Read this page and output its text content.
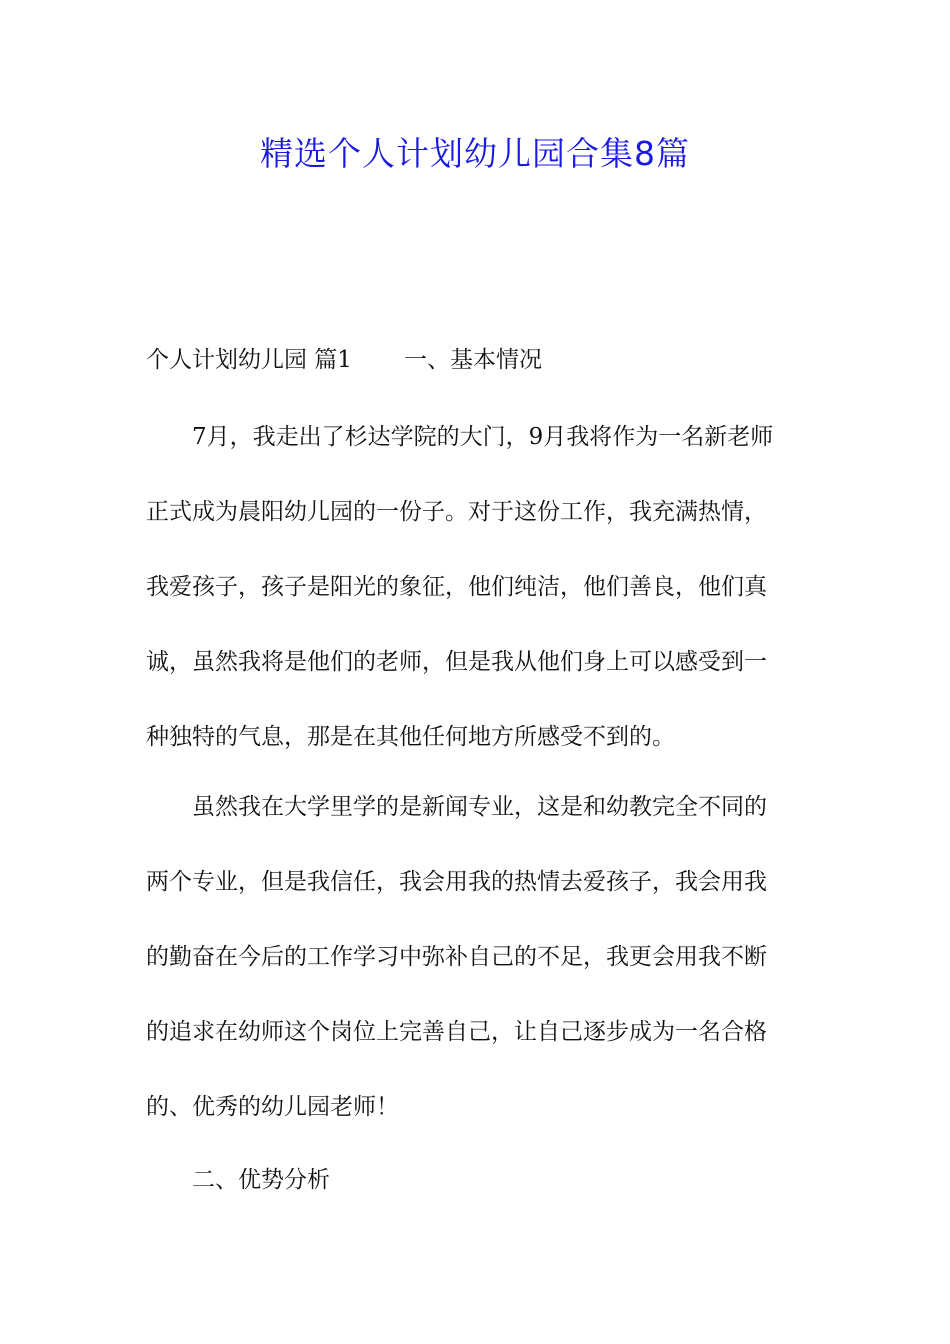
精选个人计划幼儿园合集8篇
个人计划幼儿园 篇1 一、基本情况
7月，我走出了杉达学院的大门，9月我将作为一名新老师
正式成为晨阳幼儿园的一份子。对于这份工作，我充满热情，
我爱孩子，孩子是阳光的象征，他们纯洁，他们善良，他们真
诚，虽然我将是他们的老师，但是我从他们身上可以感受到一
种独特的气息，那是在其他任何地方所感受不到的。
虽然我在大学里学的是新闻专业，这是和幼教完全不同的
两个专业，但是我信任，我会用我的热情去爱孩子，我会用我
的勤奋在今后的工作学习中弥补自己的不足，我更会用我不断
的追求在幼师这个岗位上完善自己，让自己逐步成为一名合格
的、优秀的幼儿园老师！
二、优势分析
